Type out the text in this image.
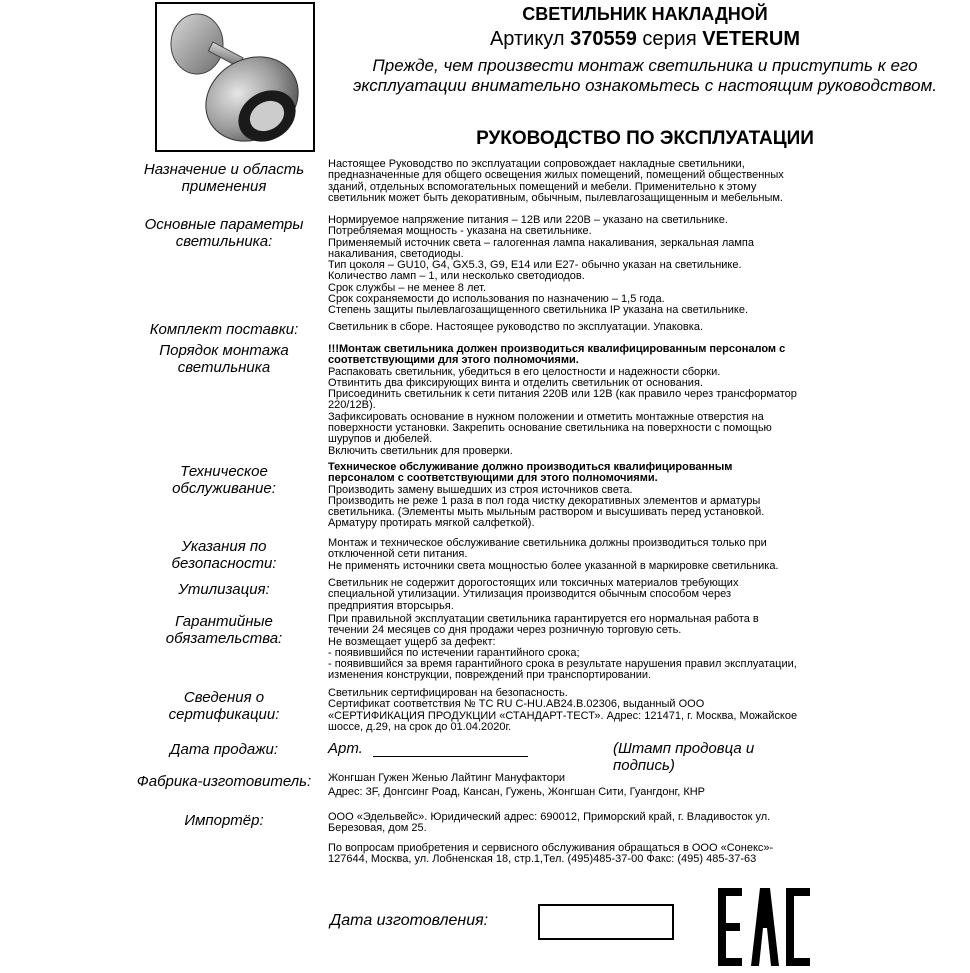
СВЕТИЛЬНИК НАКЛАДНОЙ
Артикул 370559 серия VETERUM
Прежде, чем произвести монтаж светильника и приступить к его эксплуатации внимательно ознакомьтесь с настоящим руководством.
РУКОВОДСТВО ПО ЭКСПЛУАТАЦИИ
Назначение и область применения

Настоящее Руководство по эксплуатации сопровождает накладные светильники, предназначенные для общего освещения жилых помещений, помещений общественных зданий, отдельных вспомогательных помещений и мебели. Применительно к этому светильник может быть декоративным, обычным, пылевлагозащищенным и мебельным.

Основные параметры светильника:

Нормируемое напряжение питания – 12В или 220В – указано на светильнике.

Потребляемая мощность - указана на светильнике.

Применяемый источник света – галогенная лампа накаливания, зеркальная лампа накаливания, светодиоды.

Тип цоколя – GU10, G4, GX5.3, G9, E14 или E27- обычно указан на светильнике.

Количество ламп – 1, или несколько светодиодов.

Срок службы – не менее 8 лет.

Срок сохраняемости до использования по назначению – 1,5 года.

Степень защиты пылевлагозащищенного светильника IP указана на светильнике.

Комплект поставки:	Светильник в сборе. Настоящее руководство по эксплуатации. Упаковка.

Порядок монтажа светильника

!!!Монтаж светильника должен производиться квалифицированным персоналом с соответствующими для этого полномочиями.

Распаковать светильник, убедиться в его целостности и надежности сборки.

Отвинтить два фиксирующих винта и отделить светильник от основания.

Присоединить светильник к сети питания 220В или 12В (как правило через трансформатор 220/12В).

Зафиксировать основание в нужном положении и отметить монтажные отверстия на поверхности установки. Закрепить основание светильника на поверхности с помощью шурупов и дюбелей.

Включить светильник для проверки.

Техническое обслуживание:

Техническое обслуживание должно производиться квалифицированным персоналом с соответствующими для этого полномочиями.

Производить замену вышедших из строя источников света.

Производить не реже 1 раза в пол года чистку декоративных элементов и арматуры светильника. (Элементы мыть мыльным раствором и высушивать перед установкой. Арматуру протирать мягкой салфеткой).

Указания по безопасности:

Монтаж и техническое обслуживание светильника должны производиться только при отключенной сети питания.

Не применять источники света мощностью более указанной в маркировке светильника.

Утилизация:	Светильник не содержит дорогостоящих или токсичных материалов требующих специальной утилизации. Утилизация производится обычным способом через предприятия вторсырья.

Гарантийные обязательства:

При правильной эксплуатации светильника гарантируется его нормальная работа в течении 24 месяцев со дня продажи через розничную торговую сеть.

Не возмещает ущерб за дефект:

- появившийся по истечении гарантийного срока;

- появившийся за время гарантийного срока в результате нарушения правил эксплуатации, изменения конструкции, повреждений при транспортировании.

Сведения о сертификации:

Светильник сертифицирован на безопасность.

Сертификат соответствия № ТС RU C-HU.AB24.B.02306, выданный ООО «СЕРТИФИКАЦИЯ ПРОДУКЦИИ «СТАНДАРТ-ТЕСТ». Адрес: 121471, г. Москва, Можайское шоссе, д.29, на срок до 01.04.2020г.

Дата продажи:	Арт.	(Штамп продовца и подпись)
Фабрика-изготовитель:	Жонгшан Гужен Женью Лайтинг Мануфактори

Адрес: 3F, Донгсинг Роад, Кансан, Гужень, Жонгшан Сити, Гуангдонг, КНР

Импортёр:	ООО «Эдельвейс». Юридический адрес: 690012, Приморский край, г. Владивосток ул. Березовая, дом 25.

По вопросам приобретения и сервисного обслуживания обращаться в ООО «Сонекс»- 127644, Москва, ул. Лобненская 18, стр.1,Тел. (495)485-37-00 Факс: (495) 485-37-63

Дата изготовления:
